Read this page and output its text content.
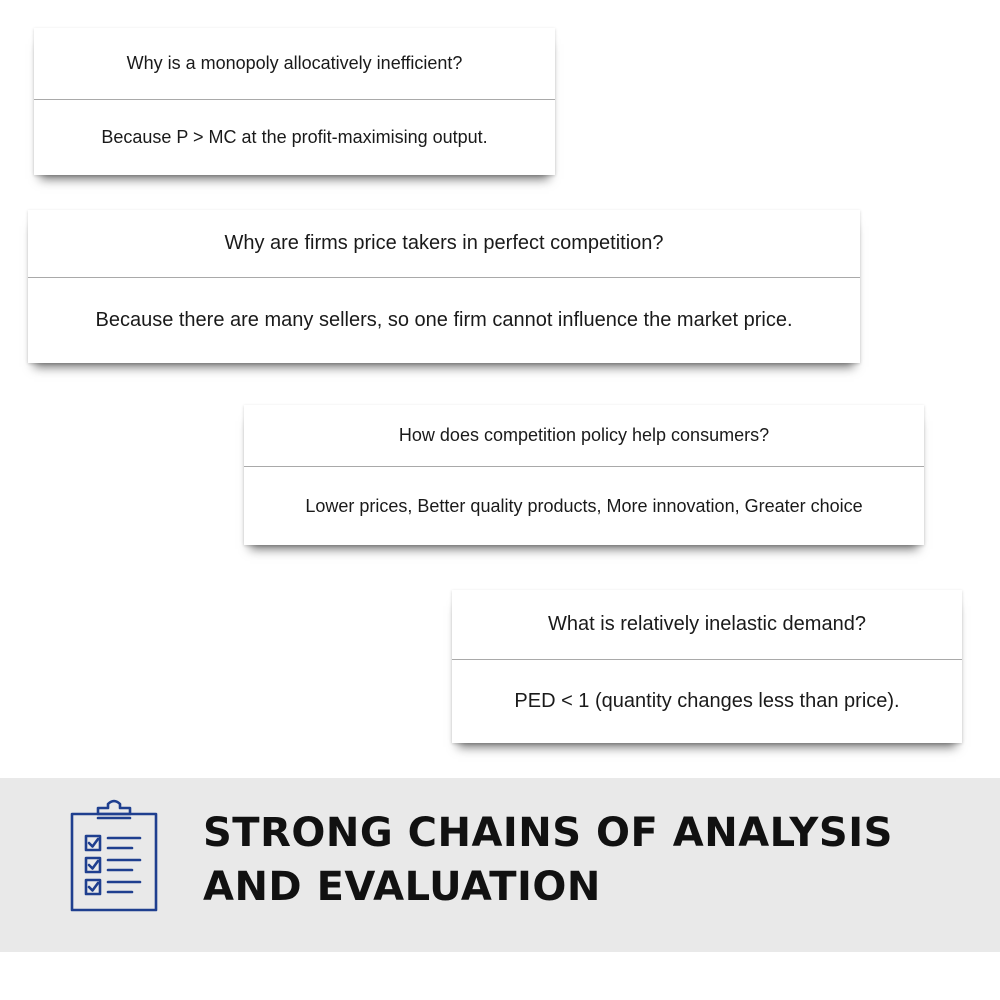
Why is a monopoly allocatively inefficient?
Because P > MC at the profit-maximising output.
Why are firms price takers in perfect competition?
Because there are many sellers, so one firm cannot influence the market price.
How does competition policy help consumers?
Lower prices, Better quality products, More innovation, Greater choice
What is relatively inelastic demand?
PED < 1 (quantity changes less than price).
STRONG CHAINS OF ANALYSIS
AND EVALUATION
